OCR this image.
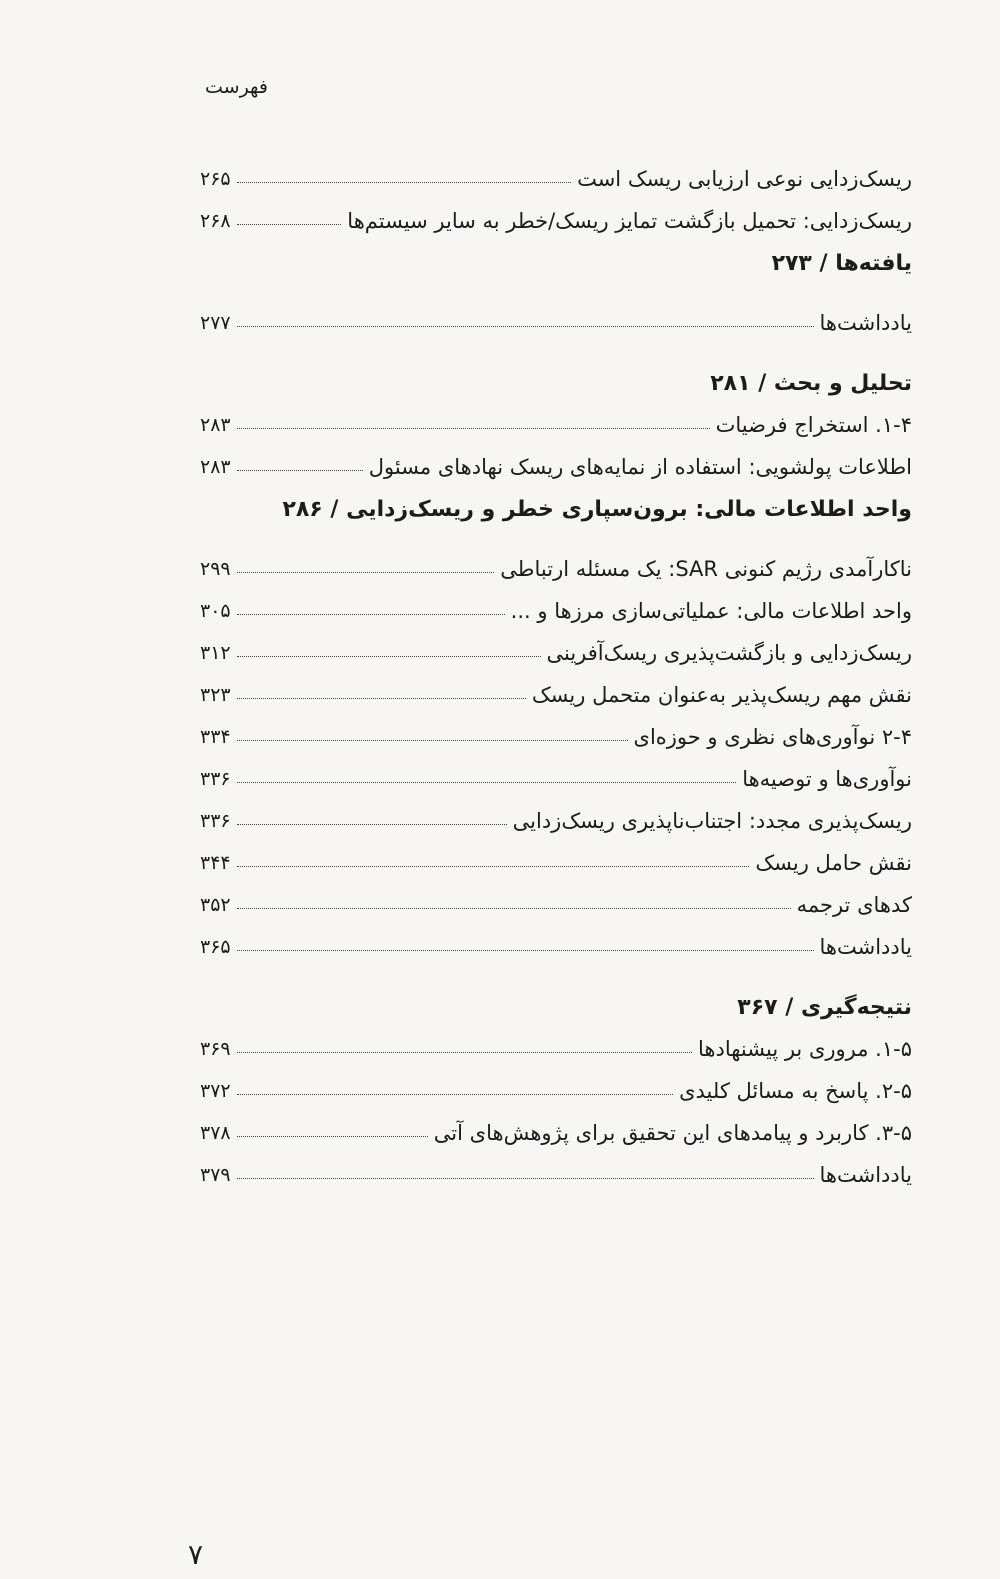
فهرست
ریسک‌زدایی نوعی ارزیابی ریسک است
۲۶۵
ریسک‌زدایی: تحمیل بازگشت تمایز ریسک/خطر به سایر سیستم‌ها
۲۶۸
یافته‌ها / ۲۷۳
یادداشت‌ها
۲۷۷
تحلیل و بحث / ۲۸۱
۱-۴. استخراج فرضیات
۲۸۳
اطلاعات پولشویی: استفاده از نمایه‌های ریسک نهادهای مسئول
۲۸۳
واحد اطلاعات مالی: برون‌سپاری خطر و ریسک‌زدایی / ۲۸۶
ناکارآمدی رژیم کنونی SAR: یک مسئله ارتباطی
۲۹۹
واحد اطلاعات مالی: عملیاتی‌سازی مرزها و ...
۳۰۵
ریسک‌زدایی و بازگشت‌پذیری ریسک‌آفرینی
۳۱۲
نقش مهم ریسک‌پذیر به‌عنوان متحمل ریسک
۳۲۳
۲-۴ نوآوری‌های نظری و حوزه‌ای
۳۳۴
نوآوری‌ها و توصیه‌ها
۳۳۶
ریسک‌پذیری مجدد: اجتناب‌ناپذیری ریسک‌زدایی
۳۳۶
نقش حامل ریسک
۳۴۴
کدهای ترجمه
۳۵۲
یادداشت‌ها
۳۶۵
نتیجه‌گیری / ۳۶۷
۱-۵. مروری بر پیشنهادها
۳۶۹
۲-۵. پاسخ به مسائل کلیدی
۳۷۲
۳-۵. کاربرد و پیامدهای این تحقیق برای پژوهش‌های آتی
۳۷۸
یادداشت‌ها
۳۷۹
۷
